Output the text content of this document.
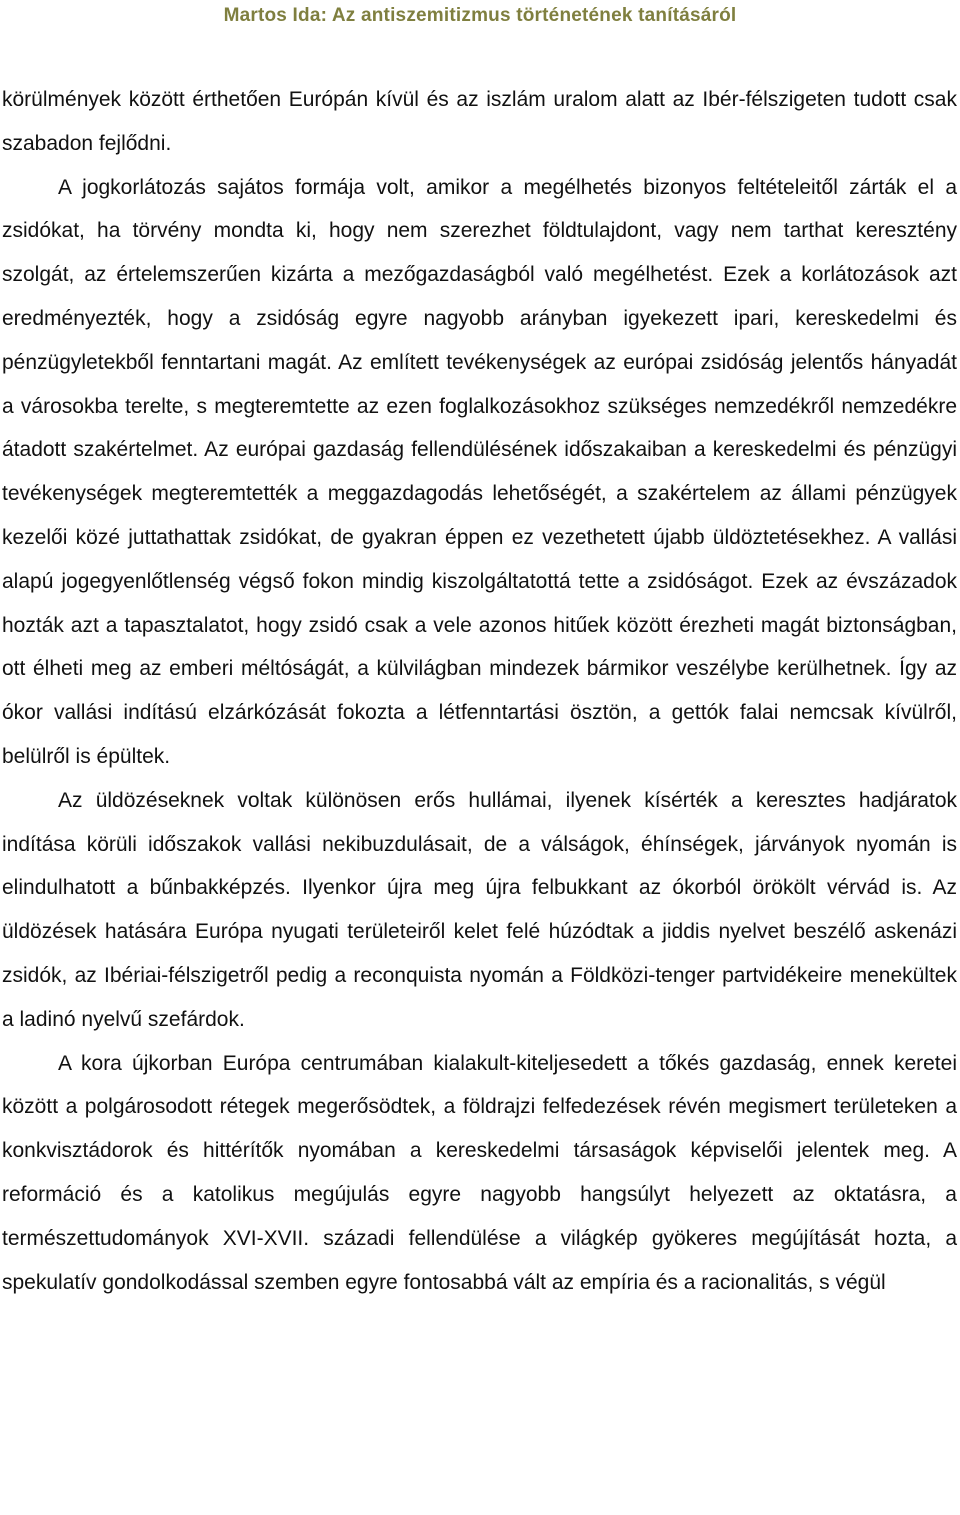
Martos Ida: Az antiszemitizmus történetének tanításáról

körülmények között érthetően Európán kívül és az iszlám uralom alatt az Ibér-félszigeten tudott csak szabadon fejlődni.

A jogkorlátozás sajátos formája volt, amikor a megélhetés bizonyos feltételeitől zárták el a zsidókat, ha törvény mondta ki, hogy nem szerezhet földtulajdont, vagy nem tarthat keresztény szolgát, az értelemszerűen kizárta a mezőgazdaságból való megélhetést. Ezek a korlátozások azt eredményezték, hogy a zsidóság egyre nagyobb arányban igyekezett ipari, kereskedelmi és pénzügyletekből fenntartani magát. Az említett tevékenységek az európai zsidóság jelentős hányadát a városokba terelte, s megteremtette az ezen foglalkozásokhoz szükséges nemzedékről nemzedékre átadott szakértelmet. Az európai gazdaság fellendülésének időszakaiban a kereskedelmi és pénzügyi tevékenységek megteremtették a meggazdagodás lehetőségét, a szakértelem az állami pénzügyek kezelői közé juttathattak zsidókat, de gyakran éppen ez vezethetett újabb üldöztetésekhez. A vallási alapú jogegyenlőtlenség végső fokon mindig kiszolgáltatottá tette a zsidóságot. Ezek az évszázadok hozták azt a tapasztalatot, hogy zsidó csak a vele azonos hitűek között érezheti magát biztonságban, ott élheti meg az emberi méltóságát, a külvilágban mindezek bármikor veszélybe kerülhetnek. Így az ókor vallási indítású elzárkózását fokozta a létfenntartási ösztön, a gettók falai nemcsak kívülről, belülről is épültek.

Az üldözéseknek voltak különösen erős hullámai, ilyenek kísérték a keresztes hadjáratok indítása körüli időszakok vallási nekibuzdulásait, de a válságok, éhínségek, járványok nyomán is elindulhatott a bűnbakképzés. Ilyenkor újra meg újra felbukkant az ókorból örökölt vérvád is. Az üldözések hatására Európa nyugati területeiről kelet felé húzódtak a jiddis nyelvet beszélő askenázi zsidók, az Ibériai-félszigetről pedig a reconquista nyomán a Földközi-tenger partvidékeire menekültek a ladinó nyelvű szefárdok.

A kora újkorban Európa centrumában kialakult-kiteljesedett a tőkés gazdaság, ennek keretei között a polgárosodott rétegek megerősödtek, a földrajzi felfedezések révén megismert területeken a konkvisztádorok és hittérítők nyomában a kereskedelmi társaságok képviselői jelentek meg. A reformáció és a katolikus megújulás egyre nagyobb hangsúlyt helyezett az oktatásra, a természettudományok XVI-XVII. századi fellendülése a világkép gyökeres megújítását hozta, a spekulatív gondolkodással szemben egyre fontosabbá vált az empíria és a racionalitás, s végül
